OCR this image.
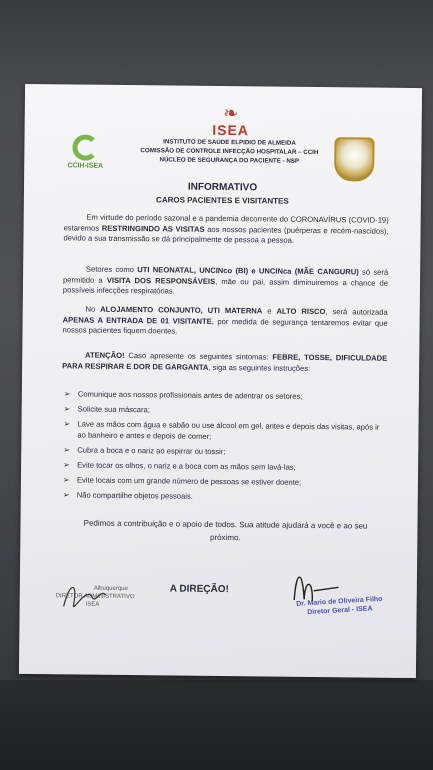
CCIH-ISEA
❧
ISEA
INSTITUTO DE SAÚDE ELPIDIO DE ALMEIDA
COMISSÃO DE CONTROLE INFECÇÃO HOSPITALAR – CCIH
NÚCLEO DE SEGURANÇA DO PACIENTE - NSP
INFORMATIVO
CAROS PACIENTES E VISITANTES
   Em virtude do período sazonal e a pandemia decorrente do CORONAVÍRUS (COVID-19) estaremos RESTRINGINDO AS VISITAS aos nossos pacientes (puérperas e recém-nascidos), devido a sua transmissão se dá principalmente de pessoa a pessoa.
   Setores como UTI NEONATAL, UNCINco (BI) e UNCINca (MÃE CANGURU) só será permitido a VISITA DOS RESPONSÁVEIS, mãe ou pai, assim diminuiremos a chance de possíveis infecções respiratórias.
   No ALOJAMENTO CONJUNTO, UTI MATERNA e ALTO RISCO, será autorizada APENAS A ENTRADA DE 01 VISITANTE, por medida de segurança tentaremos evitar que nossos pacientes fiquem doentes.
   ATENÇÃO! Caso apresente os seguintes sintomas: FEBRE, TOSSE, DIFICULDADE PARA RESPIRAR E DOR DE GARGANTA, siga as seguintes instruções:
➢ Comunique aos nossos profissionais antes de adentrar os setores;
➢ Solicite sua máscara;
➢ Lave as mãos com água e sabão ou use álcool em gel, antes e depois das visitas, após ir ao banheiro e antes e depois de comer;
➢ Cubra a boca e o nariz ao espirrar ou tossir;
➢ Evite tocar os olhos, o nariz e a boca com as mãos sem lavá-las;
➢ Evite locais com um grande número de pessoas se estiver doente;
➢ Não compartilhe objetos pessoais.
Pedimos a contribuição e o apoio de todos. Sua atitude ajudará a você e ao seu próximo.
Albuquerque
DIRETOR ADMINISTRATIVO
ISEA
A DIREÇÃO!
Dr. Mario de Oliveira Filho
Diretor Geral - ISEA
